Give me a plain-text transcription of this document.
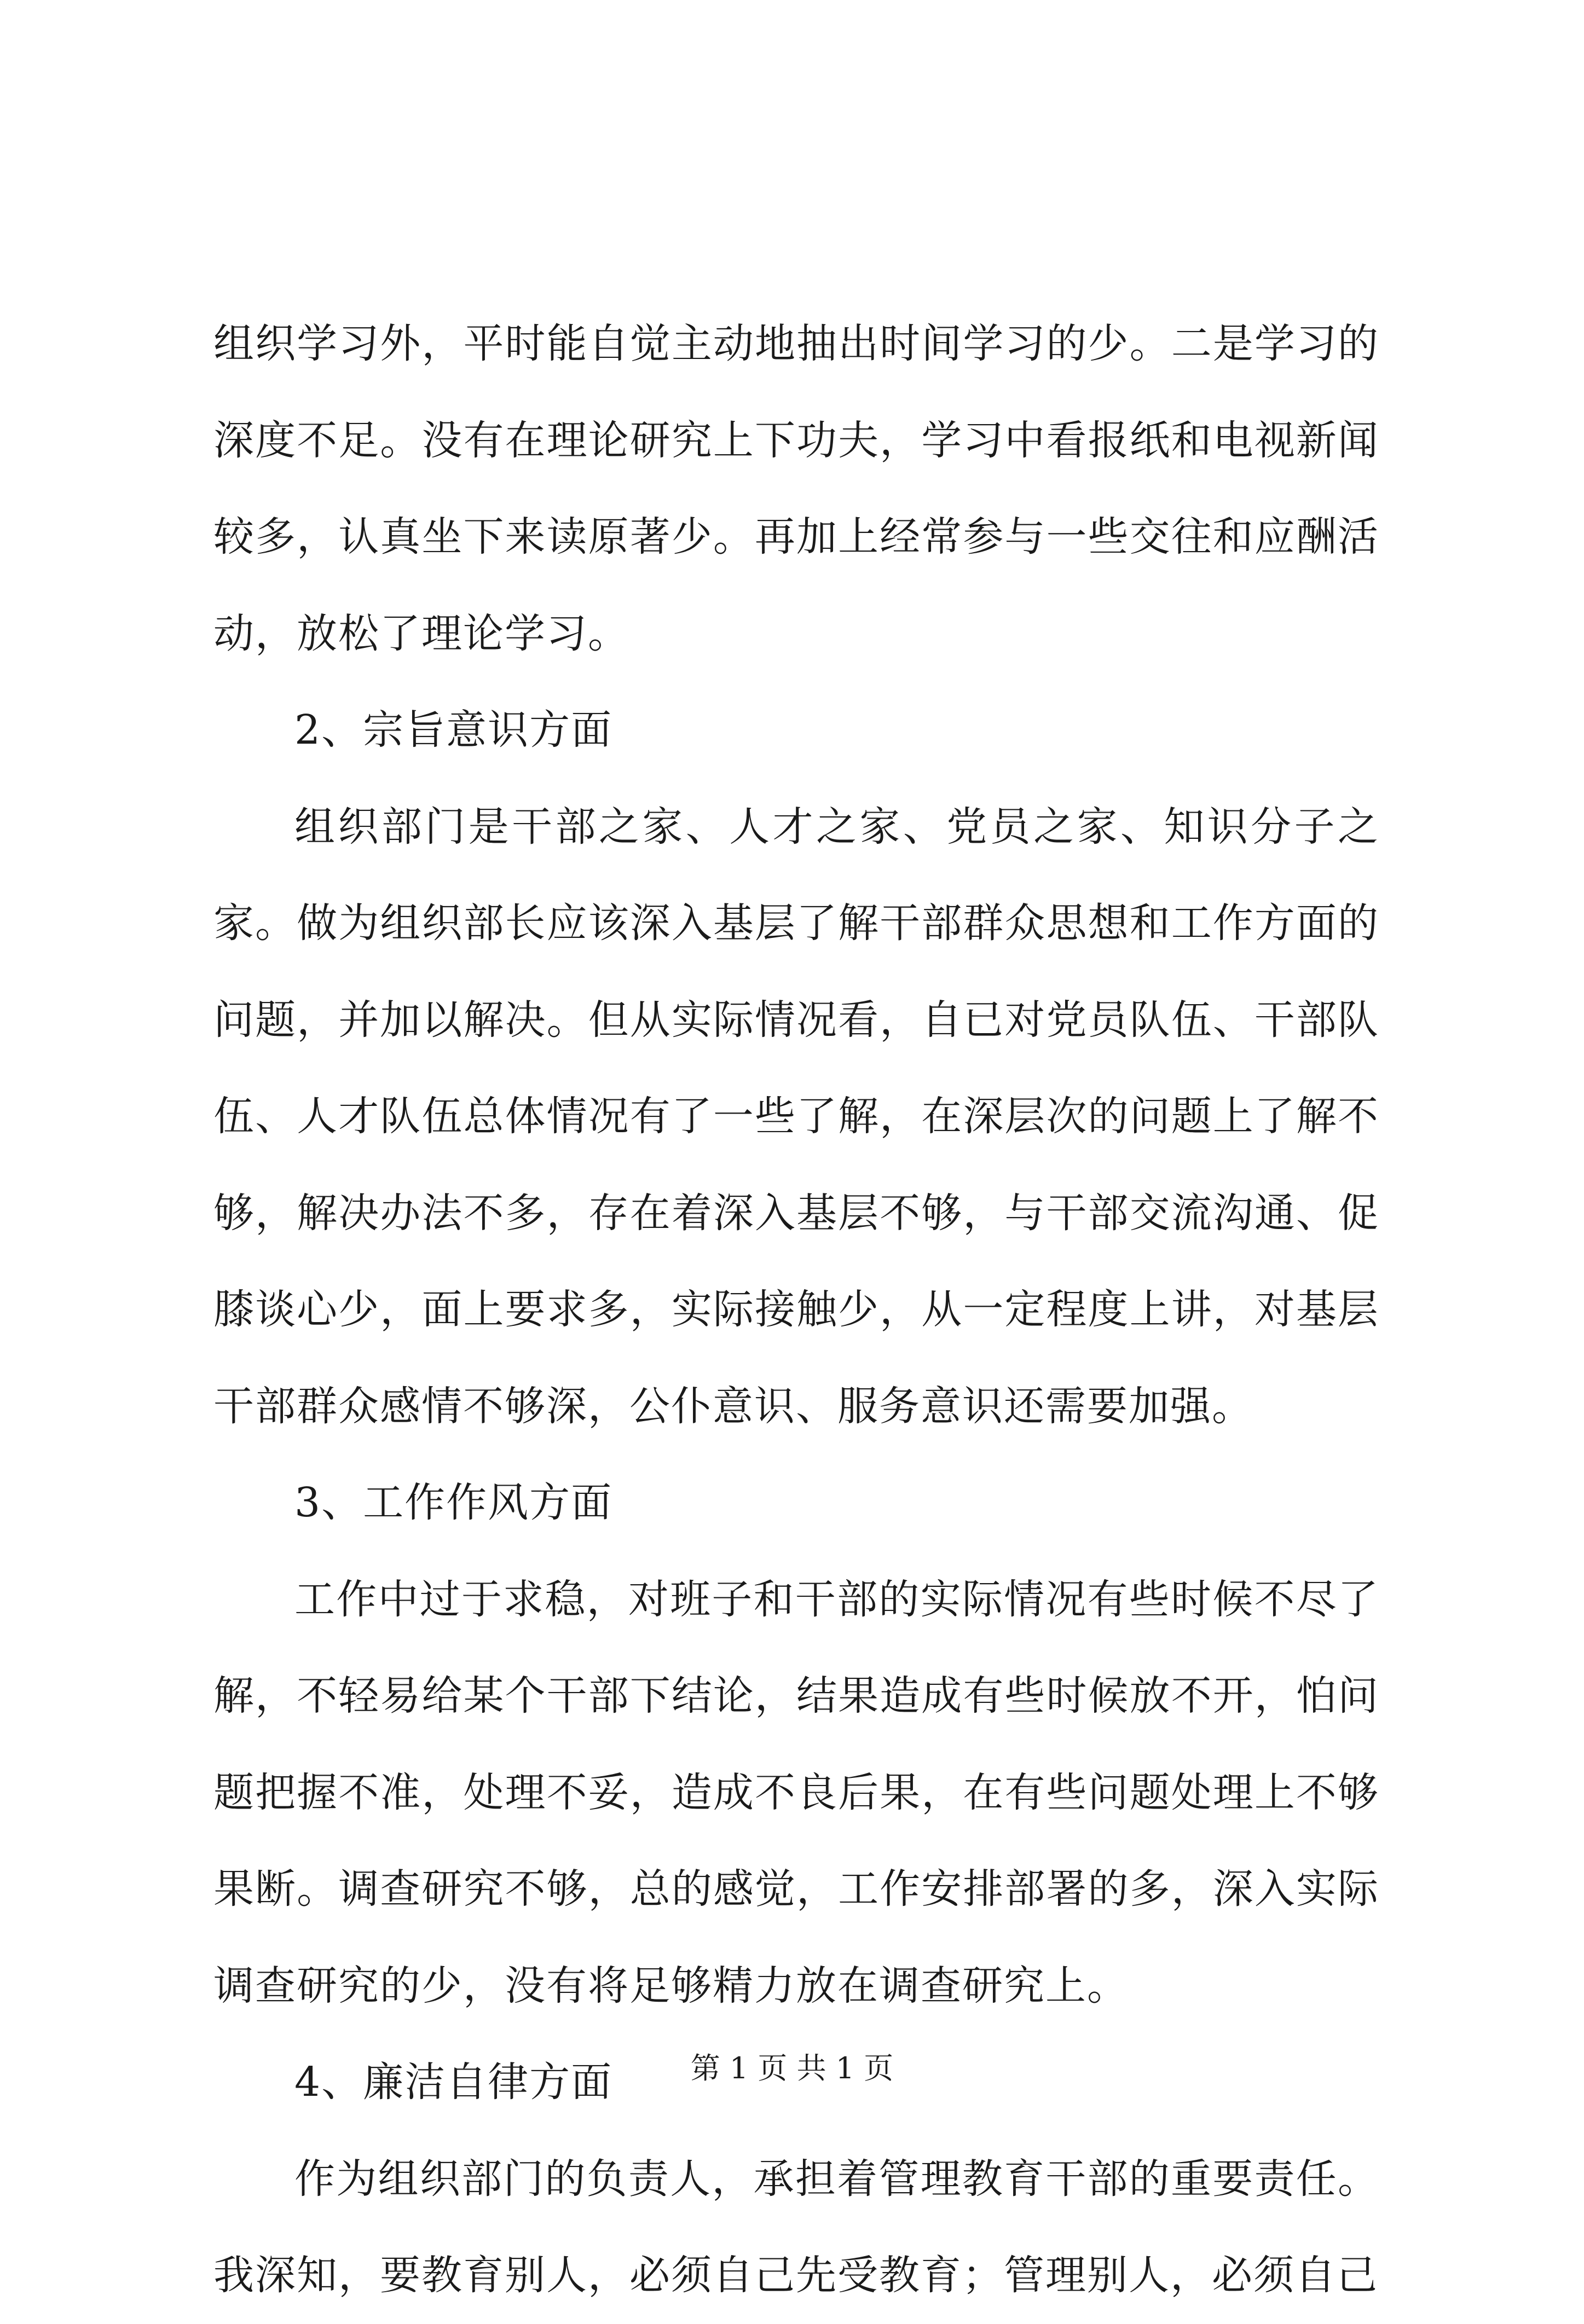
组织学习外，平时能自觉主动地抽出时间学习的少。二是学习的深度不足。没有在理论研究上下功夫，学习中看报纸和电视新闻较多，认真坐下来读原著少。再加上经常参与一些交往和应酬活动，放松了理论学习。

2、宗旨意识方面

组织部门是干部之家、人才之家、党员之家、知识分子之家。做为组织部长应该深入基层了解干部群众思想和工作方面的问题，并加以解决。但从实际情况看，自已对党员队伍、干部队伍、人才队伍总体情况有了一些了解，在深层次的问题上了解不够，解决办法不多，存在着深入基层不够，与干部交流沟通、促膝谈心少，面上要求多，实际接触少，从一定程度上讲，对基层干部群众感情不够深，公仆意识、服务意识还需要加强。

3、工作作风方面

工作中过于求稳，对班子和干部的实际情况有些时候不尽了解，不轻易给某个干部下结论，结果造成有些时候放不开，怕问题把握不准，处理不妥，造成不良后果，在有些问题处理上不够果断。调查研究不够，总的感觉，工作安排部署的多，深入实际调查研究的少，没有将足够精力放在调查研究上。

4、廉洁自律方面

作为组织部门的负责人，承担着管理教育干部的重要责任。我深知，要教育别人，必须自己先受教育；管理别人，必须自己

第 1 页 共 1 页
